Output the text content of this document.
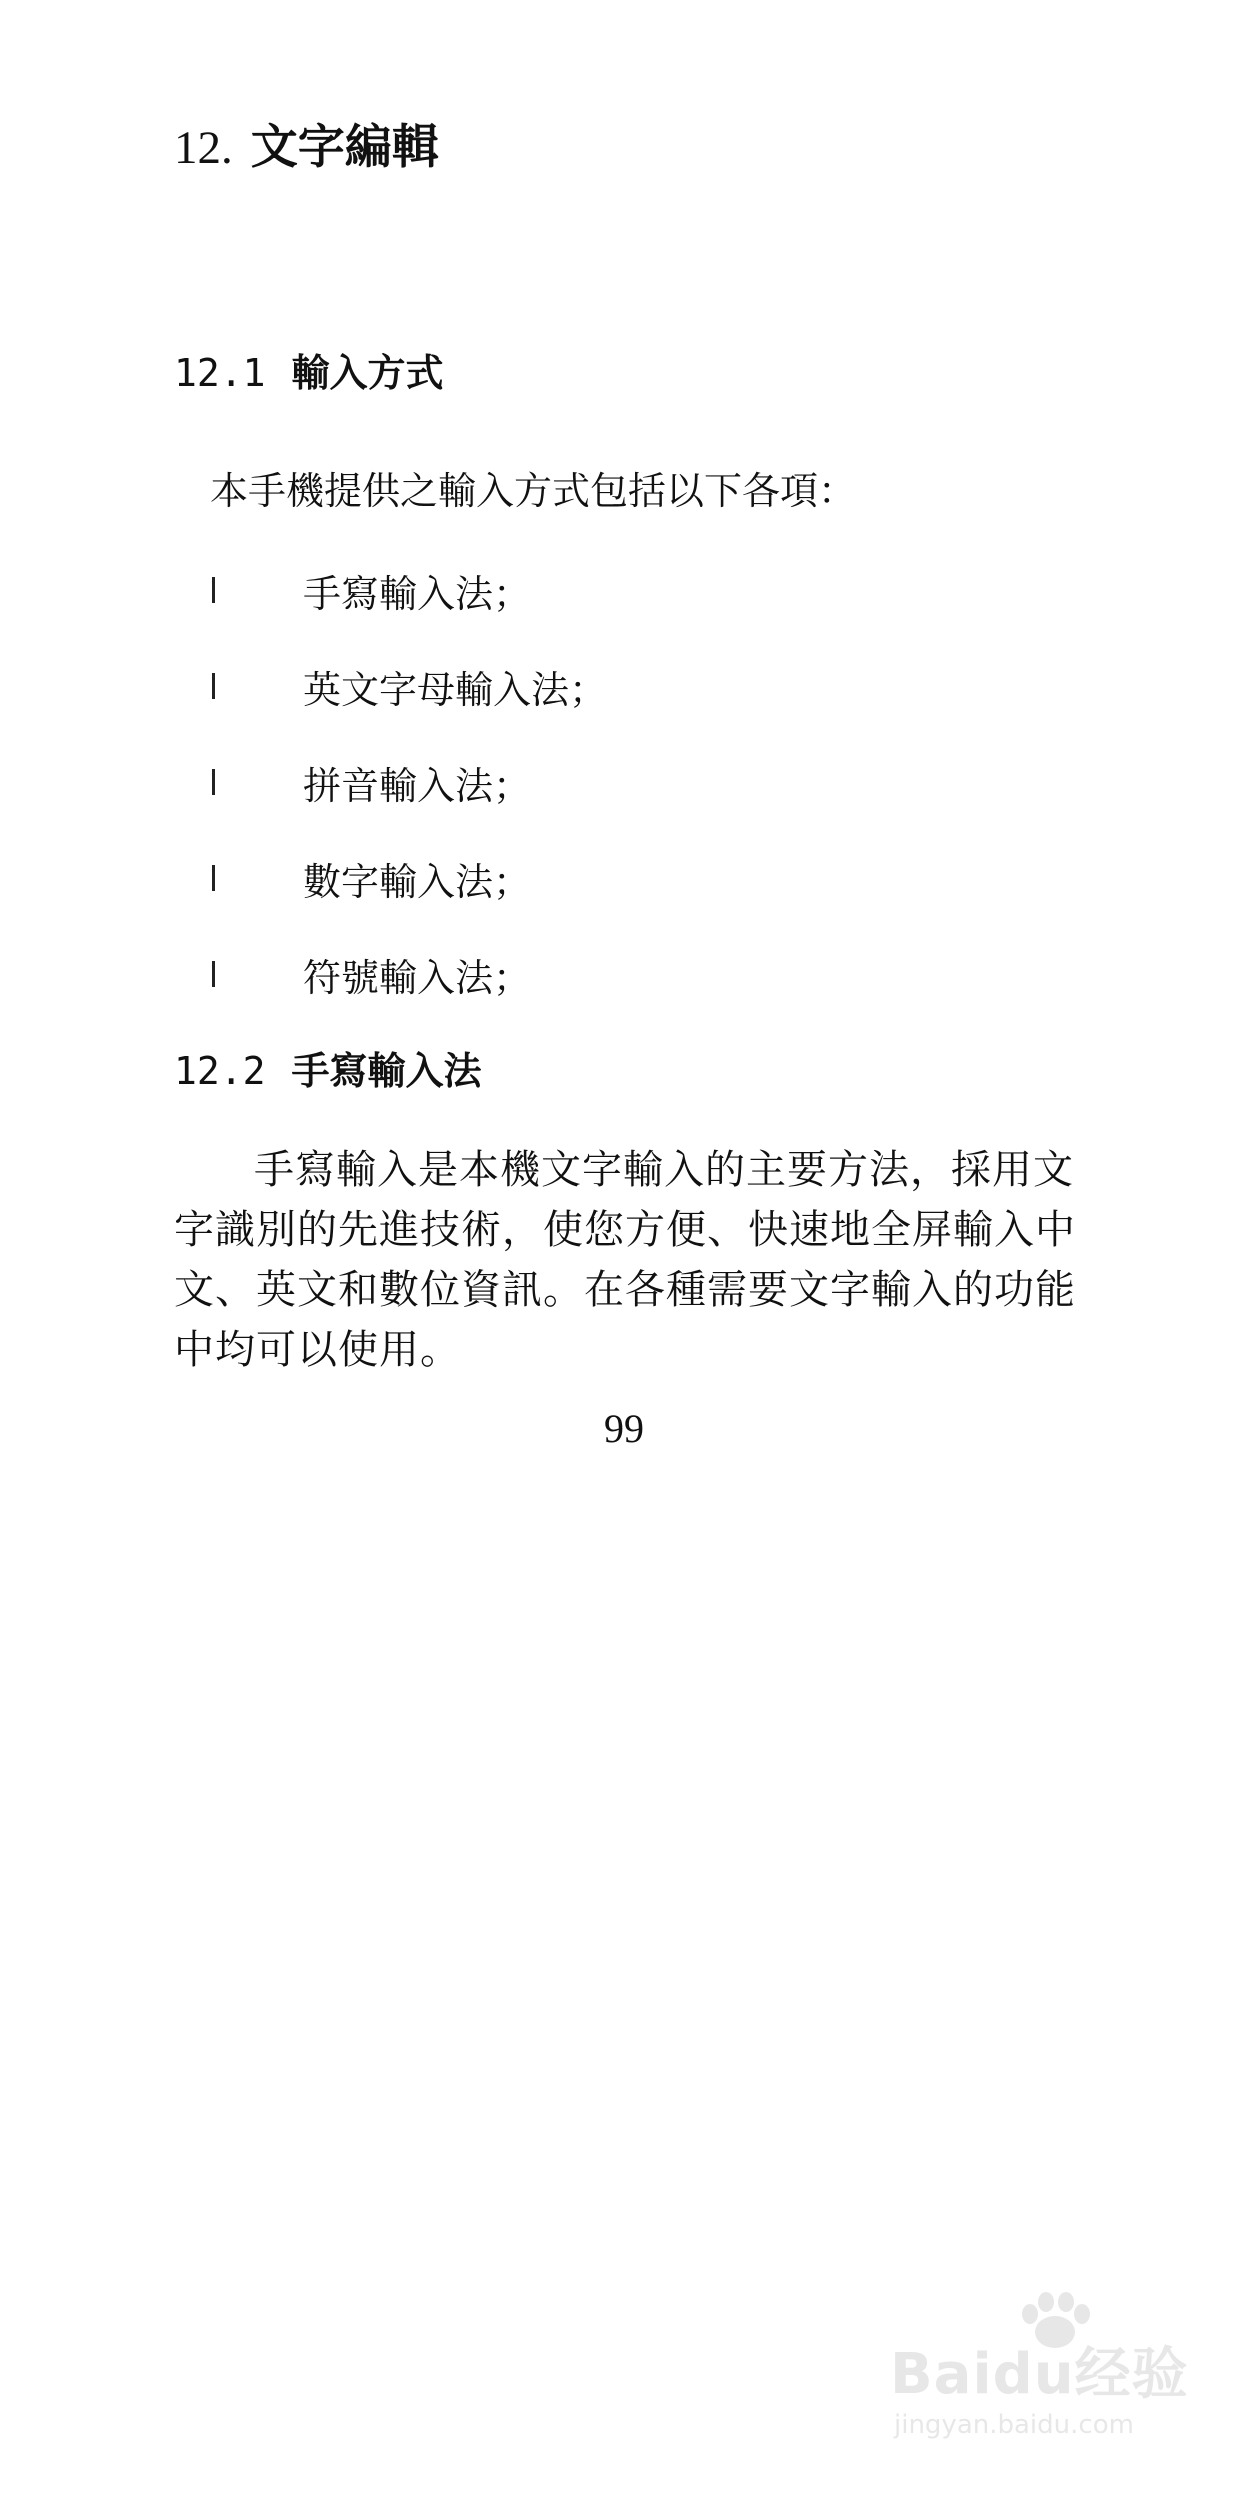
12. 文字編輯
12.1 輸入方式
本手機提供之輸入方式包括以下各項：
手寫輸入法；
英文字母輸入法；
拼音輸入法；
數字輸入法；
符號輸入法；
12.2 手寫輸入法

手寫輸入是本機文字輸入的主要方法，採用文字識別的先進技術，使您方便、快速地全屏輸入中文、英文和數位資訊。在各種需要文字輸入的功能中均可以使用。

99
Baidu经验
jingyan.baidu.com
